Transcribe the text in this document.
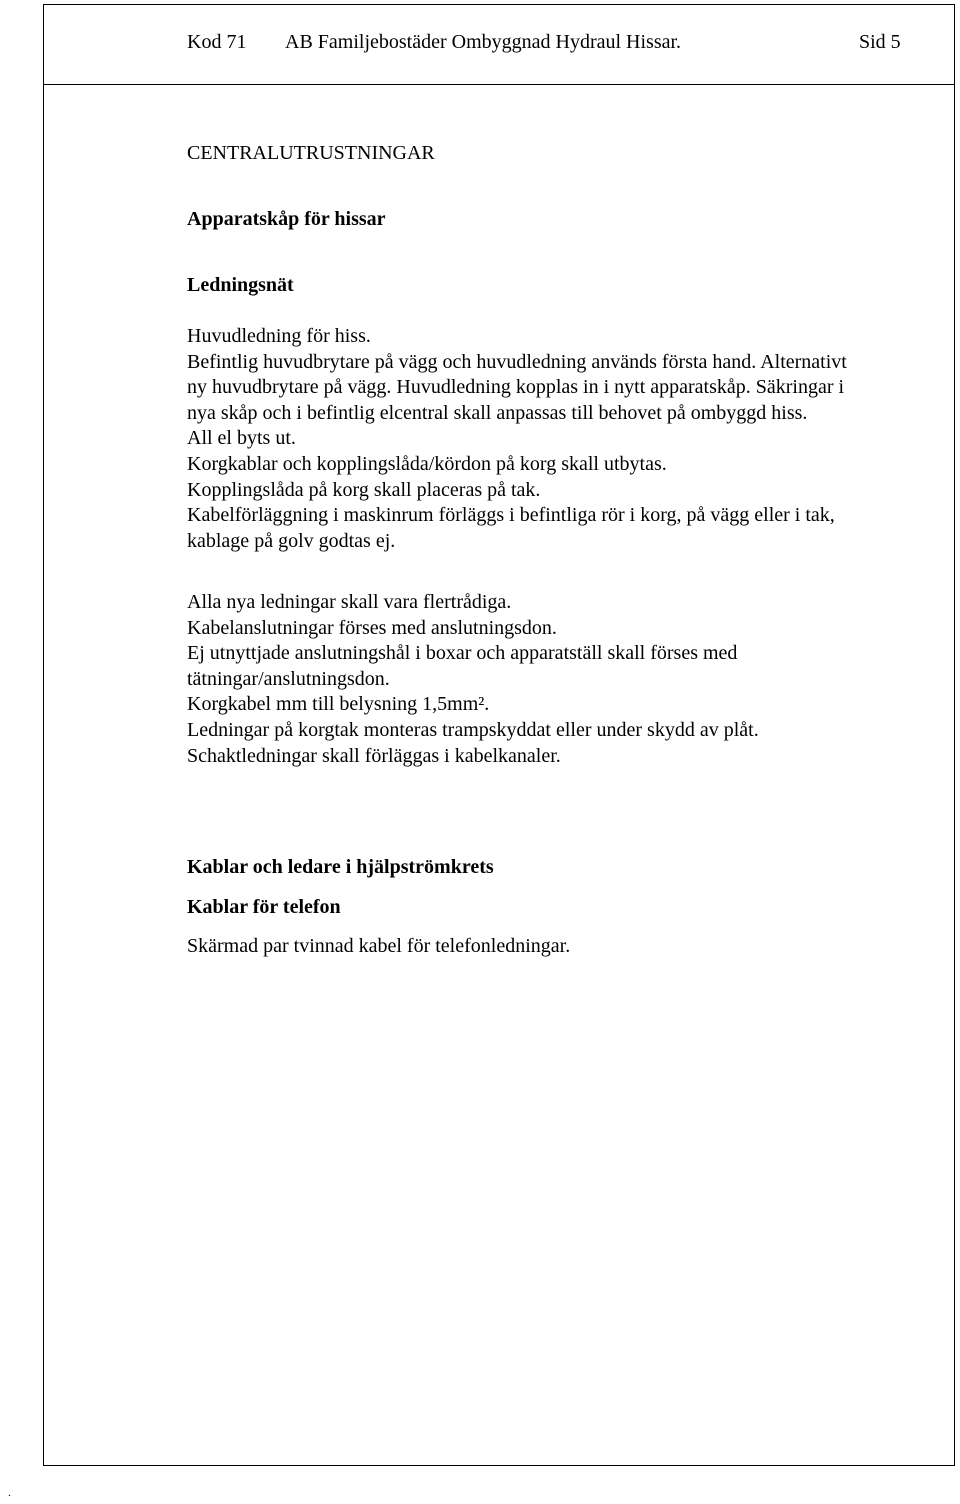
Kod 71 AB Familjebostäder Ombyggnad Hydraul Hissar.	Sid 5
CENTRALUTRUSTNINGAR
Apparatskåp för hissar
Ledningsnät

Huvudledning för hiss.

Befintlig huvudbrytare på vägg och huvudledning används första hand. Alternativt

ny huvudbrytare på vägg. Huvudledning kopplas in i nytt apparatskåp. Säkringar i

nya skåp och i befintlig elcentral skall anpassas till behovet på ombyggd hiss.

All el byts ut.

Korgkablar och kopplingslåda/kördon på korg skall utbytas.

Kopplingslåda på korg skall placeras på tak.

Kabelförläggning i maskinrum förläggs i befintliga rör i korg, på vägg eller i tak,

kablage på golv godtas ej.

Alla nya ledningar skall vara flertrådiga.

Kabelanslutningar förses med anslutningsdon.

Ej utnyttjade anslutningshål i boxar och apparatställ skall förses med

tätningar/anslutningsdon.

Korgkabel mm till belysning 1,5mm².

Ledningar på korgtak monteras trampskyddat eller under skydd av plåt.

Schaktledningar skall förläggas i kabelkanaler.

Kablar och ledare i hjälpströmkrets
Kablar för telefon
Skärmad par tvinnad kabel för telefonledningar.
.
